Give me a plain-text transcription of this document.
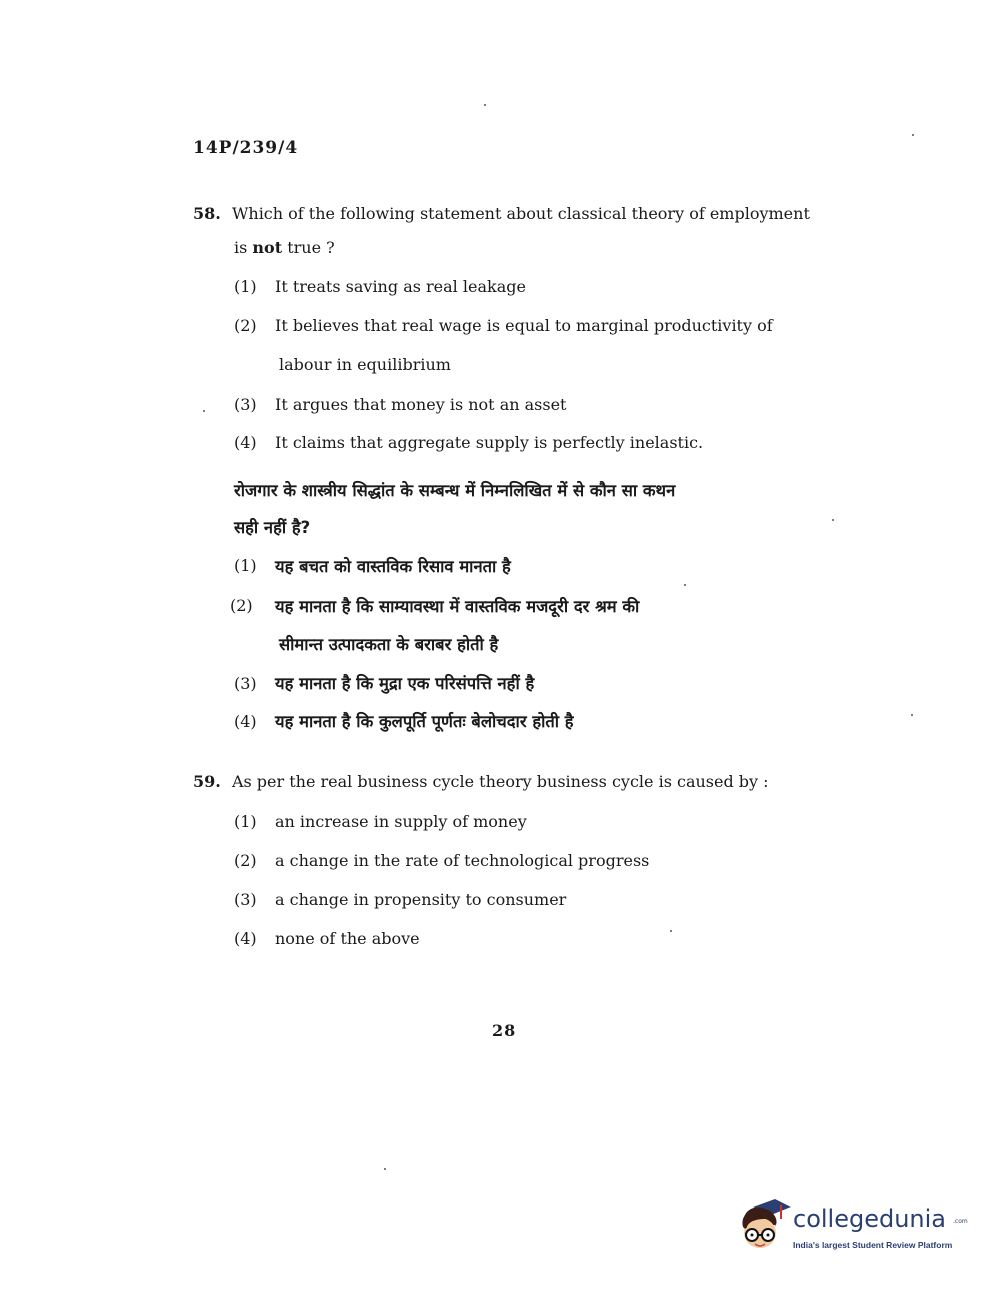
14P/239/4
58. Which of the following statement about classical theory of employment
is not true ?
(1) It treats saving as real leakage
(2) It believes that real wage is equal to marginal productivity of
labour in equilibrium
(3) It argues that money is not an asset
(4) It claims that aggregate supply is perfectly inelastic.
रोजगार के शास्त्रीय सिद्धांत के सम्बन्ध में निम्नलिखित में से कौन सा कथन
सही नहीं है?
(1) यह बचत को वास्तविक रिसाव मानता है
(2) यह मानता है कि साम्यावस्था में वास्तविक मजदूरी दर श्रम की
सीमान्त उत्पादकता के बराबर होती है
(3) यह मानता है कि मुद्रा एक परिसंपत्ति नहीं है
(4) यह मानता है कि कुलपूर्ति पूर्णतः बेलोचदार होती है
59. As per the real business cycle theory business cycle is caused by :
(1) an increase in supply of money
(2) a change in the rate of technological progress
(3) a change in propensity to consumer
(4) none of the above
28
collegedunia .com
India's largest Student Review Platform
